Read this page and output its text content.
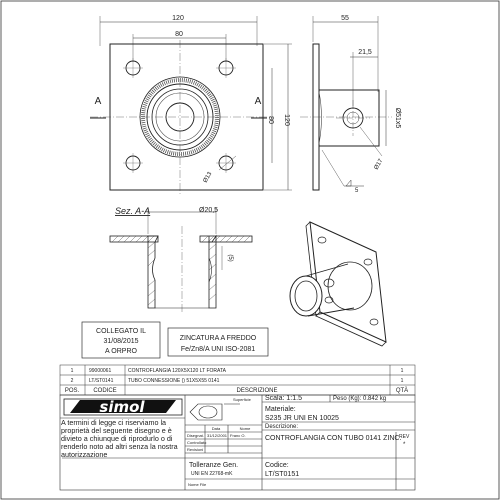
120
80
A	A
80 120
Ø13
55
21,5
Ø51x5
Ø17
5
Sez. A-A	Ø20,5
(5)
COLLEGATO IL
31/08/2015
A ORPRO
ZINCATURA A FREDDO
Fe/Zn8/A UNI ISO-2081
1	99000061	CONTROFLANGIA 120X5X120 LT FORATA	1
2	LT/ST0141	TUBO CONNESSIONE () 51X5X55 0141	1
POS. CODICE	DESCRIZIONE	QTÀ
simol	Superficie
Data	Nome
Disegnat. 31/12/2001 Franc O.
Controllato
Revisioni
Scala: 1:1.5	Peso (Kg): 0.842 kg
Materiale:
S235 JR UNI EN 10025
Descrizione:
CONTROFLANGIA CON TUBO 0141 ZINC.
Tolleranze Gen.
UNI EN 22768-mK
Codice:
LT/ST0151
REV
*
Nome File
A termini di legge ci riserviamo la proprietà del seguente disegno e è divieto a chiunque di riprodurlo o di renderlo noto ad altri senza la nostra autorizzazione
